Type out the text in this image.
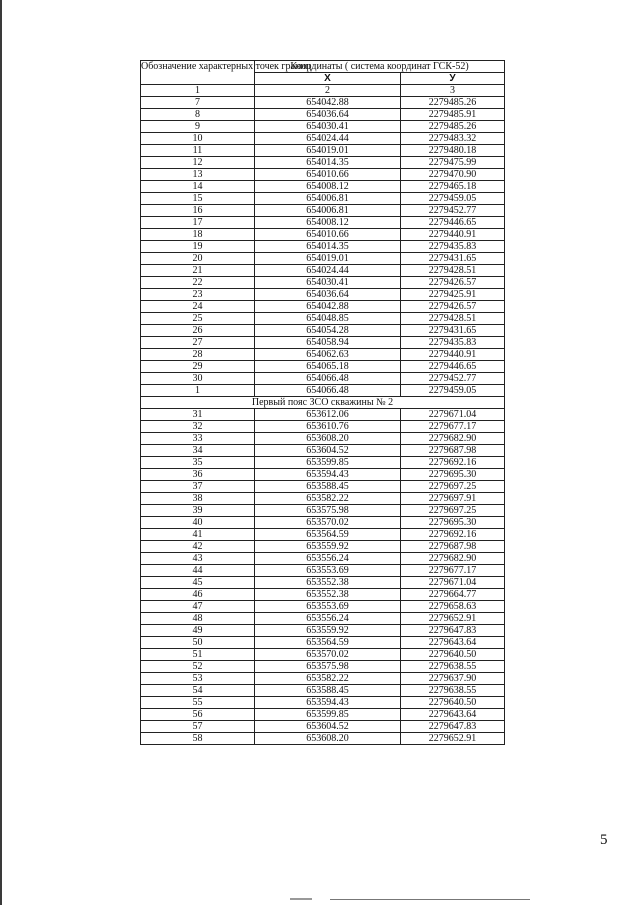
Обозначение характерных точек границ	Координаты ( система координат ГСК-52)	
	X	У
1	2	3
7	654042.88	2279485.26
8	654036.64	2279485.91
9	654030.41	2279485.26
10	654024.44	2279483.32
11	654019.01	2279480.18
12	654014.35	2279475.99
13	654010.66	2279470.90
14	654008.12	2279465.18
15	654006.81	2279459.05
16	654006.81	2279452.77
17	654008.12	2279446.65
18	654010.66	2279440.91
19	654014.35	2279435.83
20	654019.01	2279431.65
21	654024.44	2279428.51
22	654030.41	2279426.57
23	654036.64	2279425.91
24	654042.88	2279426.57
25	654048.85	2279428.51
26	654054.28	2279431.65
27	654058.94	2279435.83
28	654062.63	2279440.91
29	654065.18	2279446.65
30	654066.48	2279452.77
1	654066.48	2279459.05
Первый пояс ЗСО скважины № 2		
31	653612.06	2279671.04
32	653610.76	2279677.17
33	653608.20	2279682.90
34	653604.52	2279687.98
35	653599.85	2279692.16
36	653594.43	2279695.30
37	653588.45	2279697.25
38	653582.22	2279697.91
39	653575.98	2279697.25
40	653570.02	2279695.30
41	653564.59	2279692.16
42	653559.92	2279687.98
43	653556.24	2279682.90
44	653553.69	2279677.17
45	653552.38	2279671.04
46	653552.38	2279664.77
47	653553.69	2279658.63
48	653556.24	2279652.91
49	653559.92	2279647.83
50	653564.59	2279643.64
51	653570.02	2279640.50
52	653575.98	2279638.55
53	653582.22	2279637.90
54	653588.45	2279638.55
55	653594.43	2279640.50
56	653599.85	2279643.64
57	653604.52	2279647.83
58	653608.20	2279652.91
5
